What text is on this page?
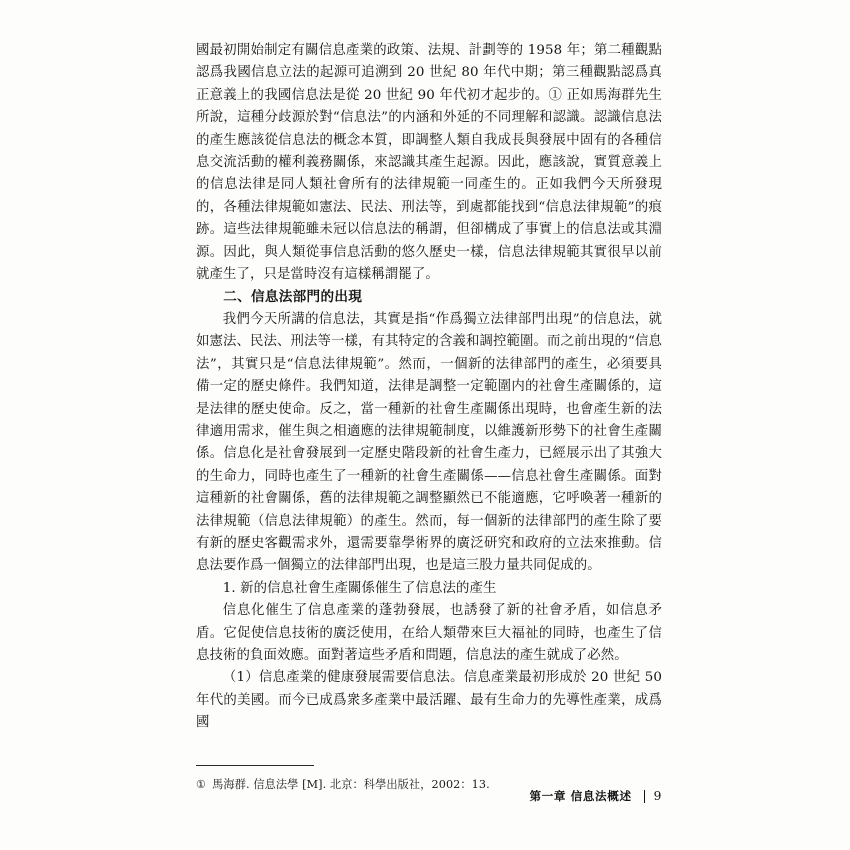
國最初開始制定有關信息產業的政策、法規、計劃等的 1958 年；第二種觀點認爲我國信息立法的起源可追溯到 20 世紀 80 年代中期；第三種觀點認爲真正意義上的我國信息法是從 20 世紀 90 年代初才起步的。① 正如馬海群先生所說，這種分歧源於對“信息法”的内涵和外延的不同理解和認識。認識信息法的產生應該從信息法的概念本質，即調整人類自我成長與發展中固有的各種信息交流活動的權利義務關係，來認識其產生起源。因此，應該說，實質意義上的信息法律是同人類社會所有的法律規範一同產生的。正如我們今天所發現的，各種法律規範如憲法、民法、刑法等，到處都能找到“信息法律規範”的痕跡。這些法律規範雖未冠以信息法的稱謂，但卻構成了事實上的信息法或其淵源。因此，與人類從事信息活動的悠久歷史一樣，信息法律規範其實很早以前就產生了，只是當時沒有這樣稱謂罷了。

二、信息法部門的出現

我們今天所講的信息法，其實是指“作爲獨立法律部門出現”的信息法，就如憲法、民法、刑法等一樣，有其特定的含義和調控範圍。而之前出現的“信息法”，其實只是“信息法律規範”。然而，一個新的法律部門的產生，必須要具備一定的歷史條件。我們知道，法律是調整一定範圍内的社會生產關係的，這是法律的歷史使命。反之，當一種新的社會生產關係出現時，也會產生新的法律適用需求，催生與之相適應的法律規範制度，以維護新形勢下的社會生產關係。信息化是社會發展到一定歷史階段新的社會生產力，已經展示出了其強大的生命力，同時也產生了一種新的社會生產關係——信息社會生產關係。面對這種新的社會關係，舊的法律規範之調整顯然已不能適應，它呼喚著一種新的法律規範（信息法律規範）的產生。然而，每一個新的法律部門的產生除了要有新的歷史客觀需求外，還需要靠學術界的廣泛研究和政府的立法來推動。信息法要作爲一個獨立的法律部門出現，也是這三股力量共同促成的。

1. 新的信息社會生產關係催生了信息法的產生

信息化催生了信息產業的蓬勃發展，也誘發了新的社會矛盾，如信息矛盾。它促使信息技術的廣泛使用，在给人類帶來巨大福祉的同時，也產生了信息技術的負面效應。面對著這些矛盾和問題，信息法的產生就成了必然。

（1）信息產業的健康發展需要信息法。信息產業最初形成於 20 世紀 50 年代的美國。而今已成爲衆多產業中最活躍、最有生命力的先導性產業，成爲國

① 馬海群. 信息法學 [M]. 北京：科學出版社，2002：13.
第一章 信息法概述 9
